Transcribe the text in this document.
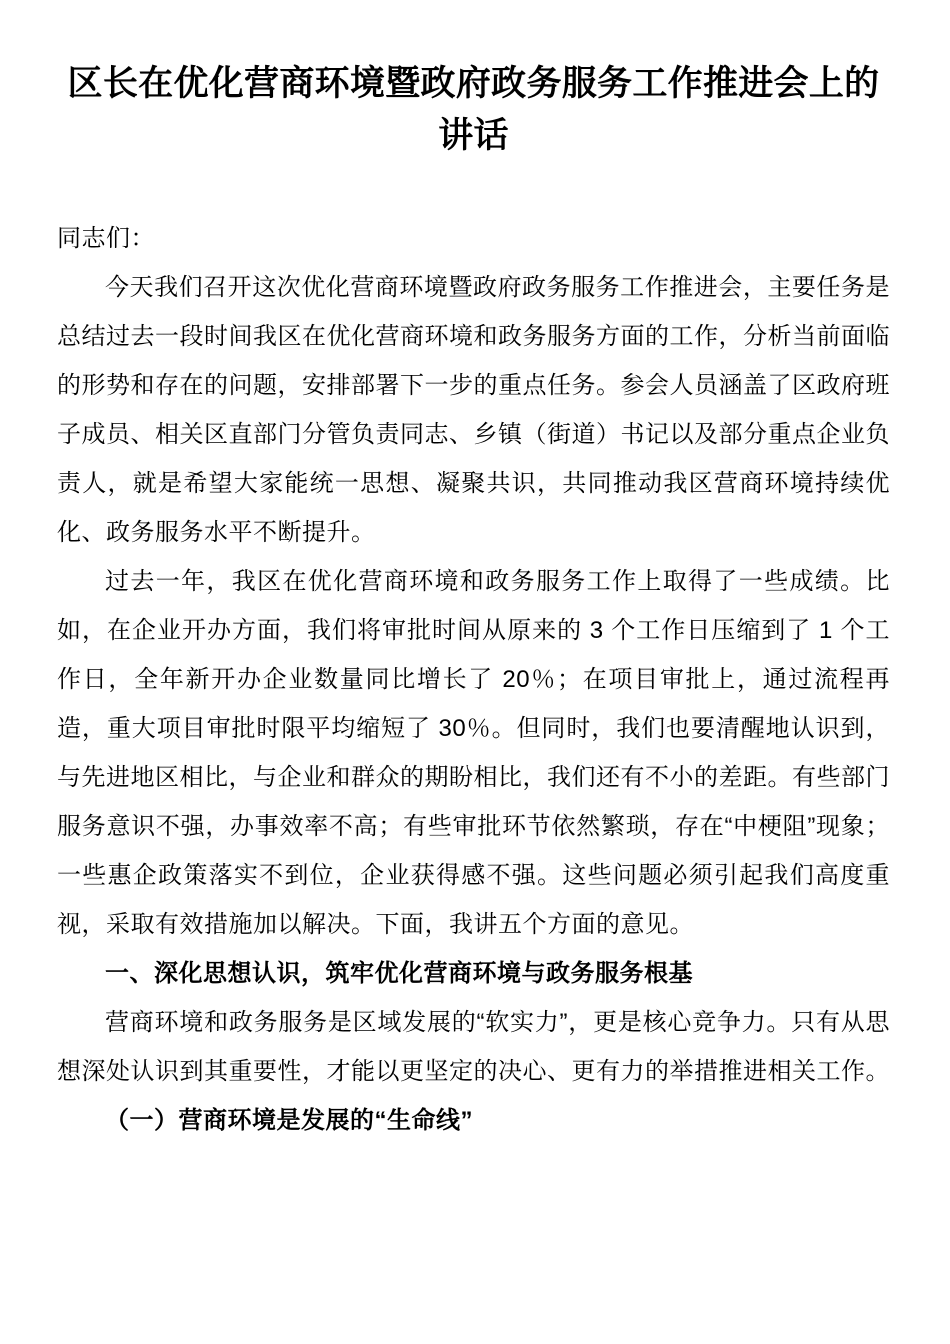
区长在优化营商环境暨政府政务服务工作推进会上的讲话

同志们：

今天我们召开这次优化营商环境暨政府政务服务工作推进会，主要任务是总结过去一段时间我区在优化营商环境和政务服务方面的工作，分析当前面临的形势和存在的问题，安排部署下一步的重点任务。参会人员涵盖了区政府班子成员、相关区直部门分管负责同志、乡镇（街道）书记以及部分重点企业负责人，就是希望大家能统一思想、凝聚共识，共同推动我区营商环境持续优化、政务服务水平不断提升。

过去一年，我区在优化营商环境和政务服务工作上取得了一些成绩。比如，在企业开办方面，我们将审批时间从原来的 3 个工作日压缩到了 1 个工作日，全年新开办企业数量同比增长了 20％；在项目审批上，通过流程再造，重大项目审批时限平均缩短了 30％。但同时，我们也要清醒地认识到，与先进地区相比，与企业和群众的期盼相比，我们还有不小的差距。有些部门服务意识不强，办事效率不高；有些审批环节依然繁琐，存在“中梗阻”现象；一些惠企政策落实不到位，企业获得感不强。这些问题必须引起我们高度重视，采取有效措施加以解决。下面，我讲五个方面的意见。

一、深化思想认识，筑牢优化营商环境与政务服务根基

营商环境和政务服务是区域发展的“软实力”，更是核心竞争力。只有从思想深处认识到其重要性，才能以更坚定的决心、更有力的举措推进相关工作。

（一）营商环境是发展的“生命线”
